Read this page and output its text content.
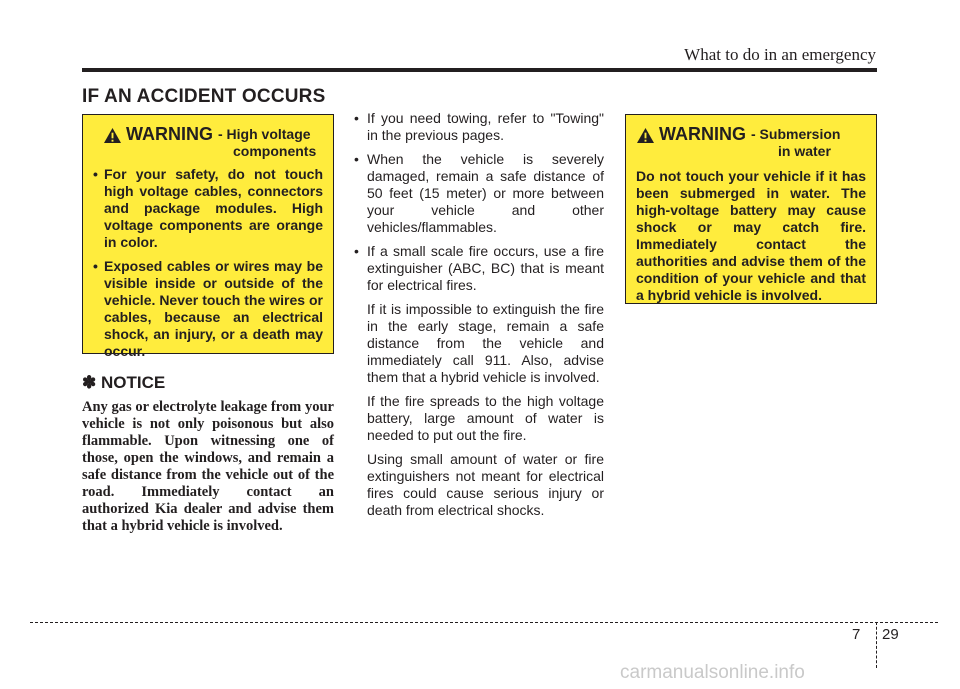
What to do in an emergency
IF AN ACCIDENT OCCURS
WARNING - High voltage
components
• For your safety, do not touch high voltage cables, connectors and package modules. High voltage components are orange in color.
• Exposed cables or wires may be visible inside or outside of the vehicle. Never touch the wires or cables, because an electrical shock, an injury, or a death may occur.
✽ NOTICE
Any gas or electrolyte leakage from your vehicle is not only poisonous but also flammable. Upon witnessing one of those, open the windows, and remain a safe distance from the vehicle out of the road. Immediately contact an authorized Kia dealer and advise them that a hybrid vehicle is involved.
• If you need towing, refer to "Towing" in the previous pages.
• When the vehicle is severely damaged, remain a safe distance of 50 feet (15 meter) or more between your vehicle and other vehicles/flammables.
• If a small scale fire occurs, use a fire extinguisher (ABC, BC) that is meant for electrical fires.
If it is impossible to extinguish the fire in the early stage, remain a safe distance from the vehicle and immediately call 911. Also, advise them that a hybrid vehicle is involved.
If the fire spreads to the high voltage battery, large amount of water is needed to put out the fire.
Using small amount of water or fire extinguishers not meant for electrical fires could cause serious injury or death from electrical shocks.
WARNING - Submersion
in water
Do not touch your vehicle if it has been submerged in water. The high-voltage battery may cause shock or may catch fire. Immediately contact the authorities and advise them of the condition of your vehicle and that a hybrid vehicle is involved.
7 29
carmanualsonline.info
